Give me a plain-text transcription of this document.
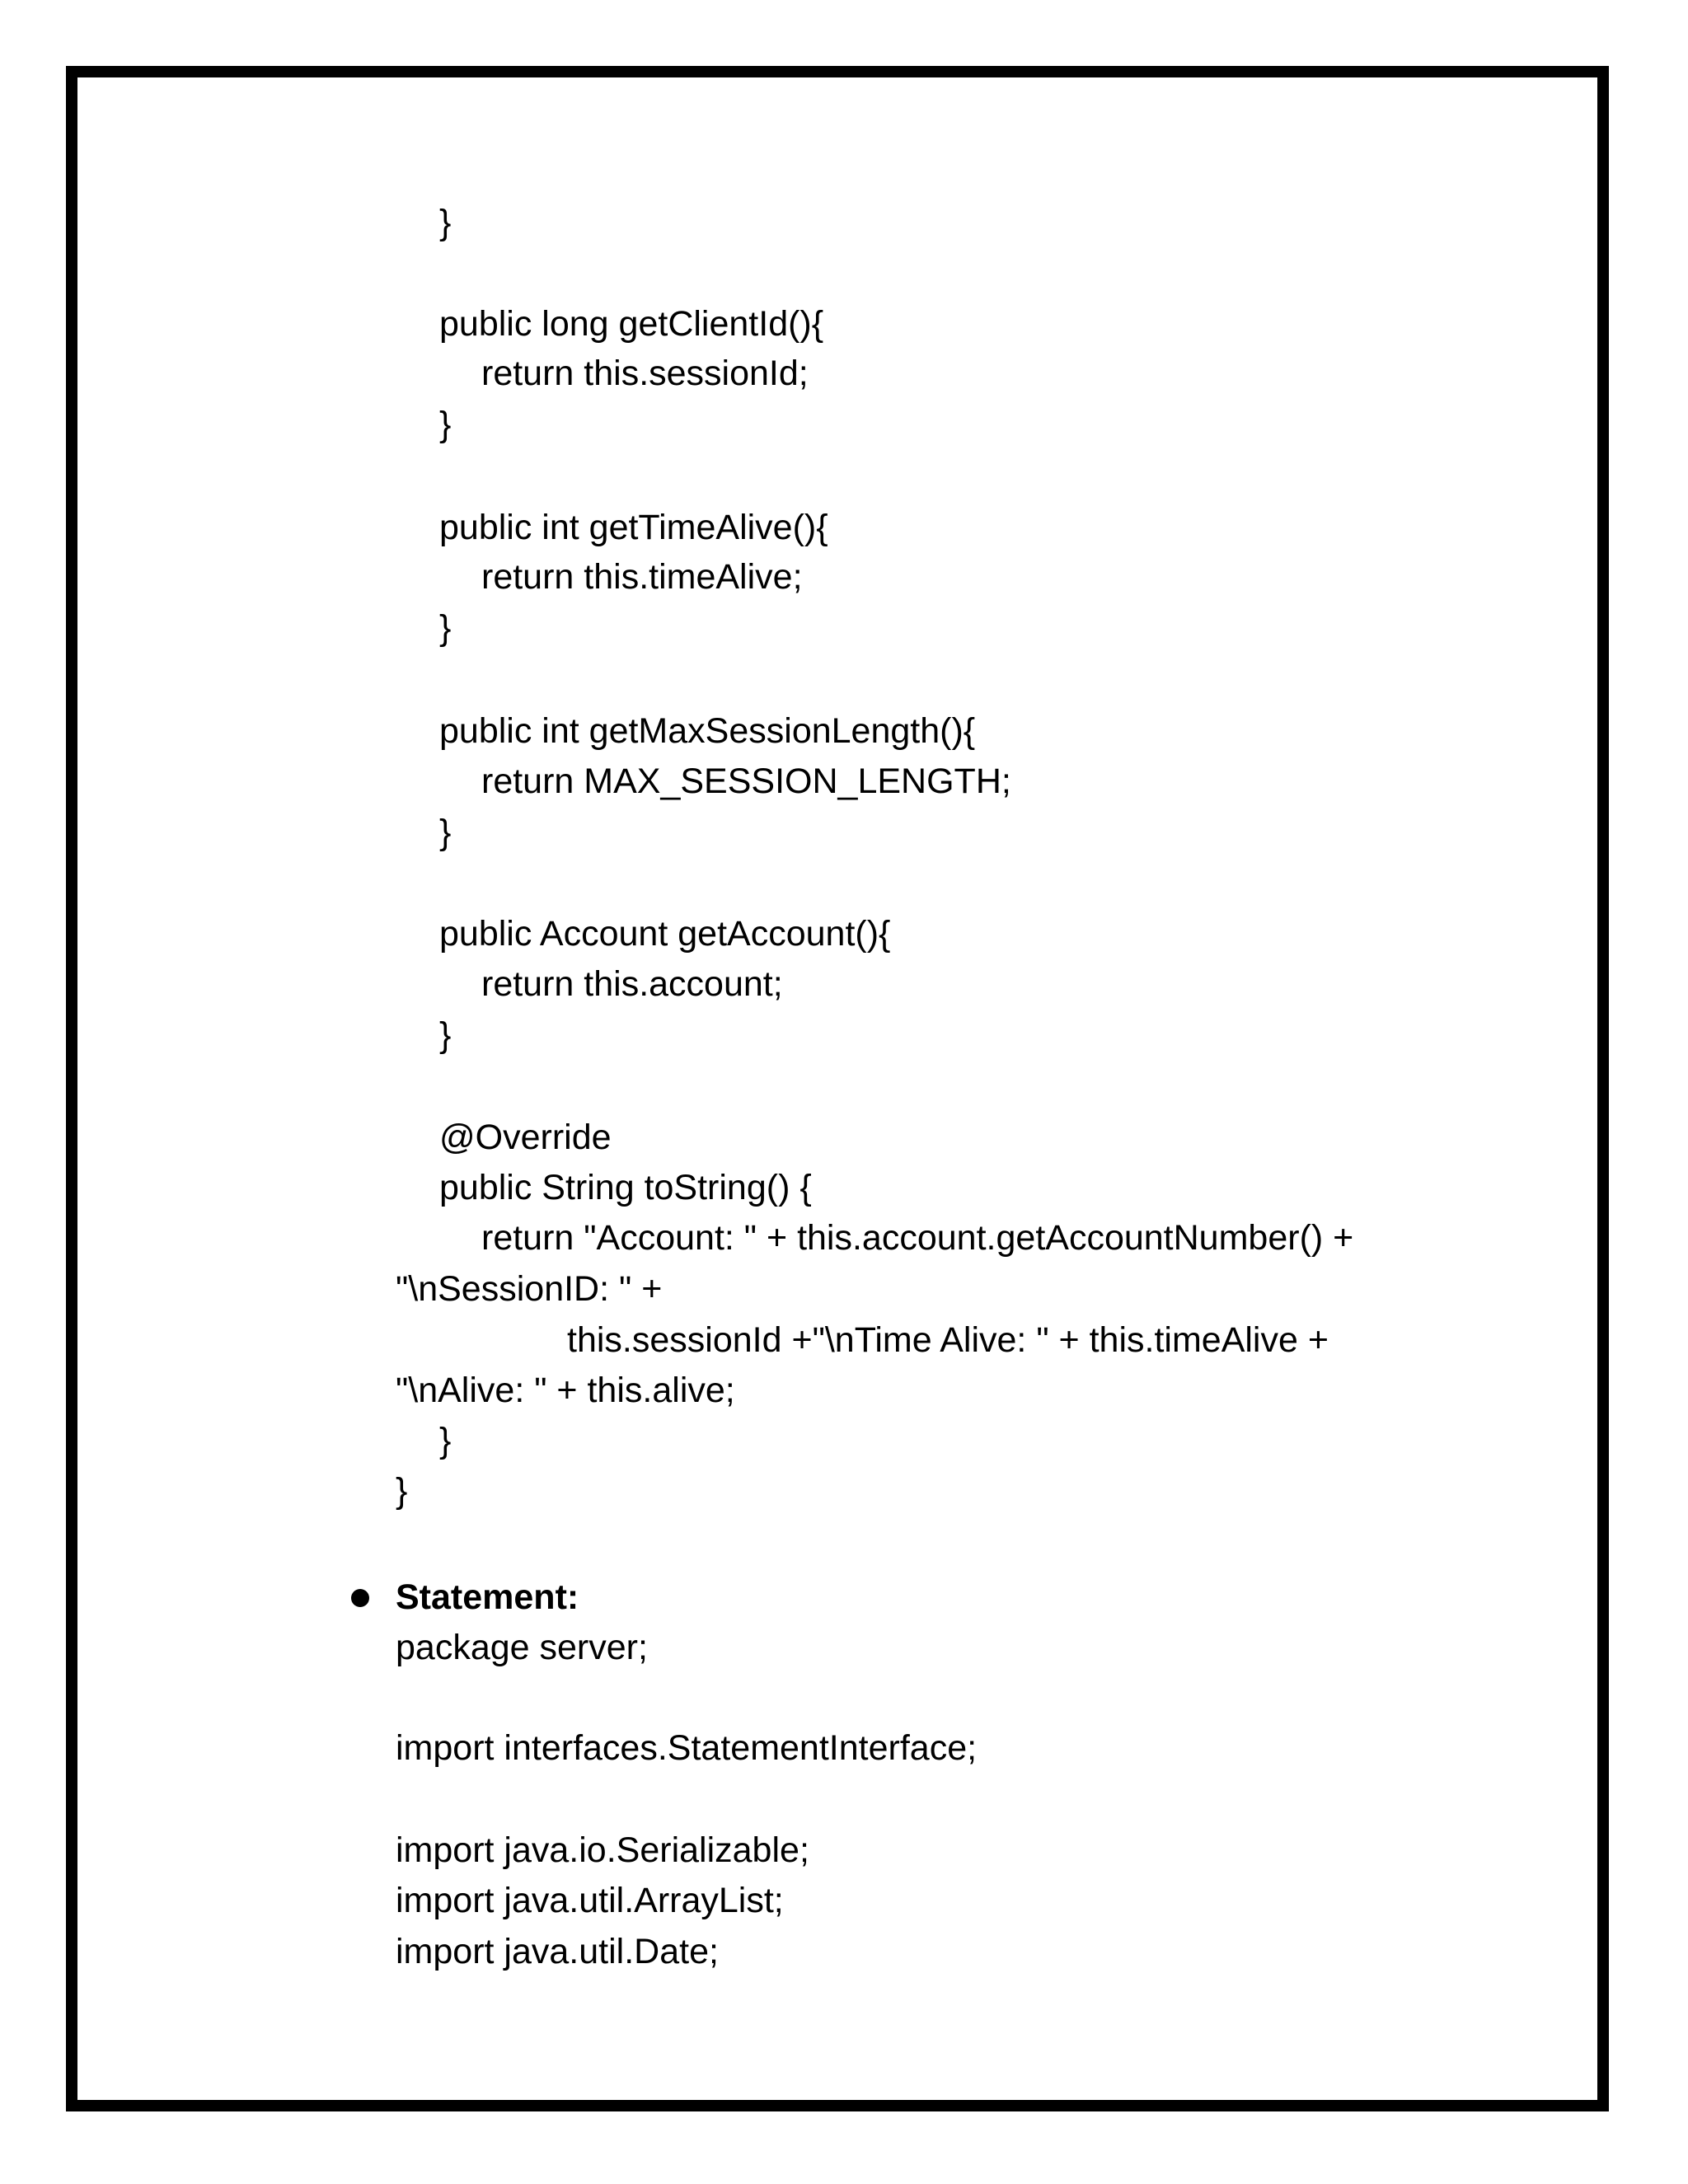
}
public long getClientId(){
return this.sessionId;
}
public int getTimeAlive(){
return this.timeAlive;
}
public int getMaxSessionLength(){
return MAX_SESSION_LENGTH;
}
public Account getAccount(){
return this.account;
}
@Override
public String toString() {
return "Account: " + this.account.getAccountNumber() +
"\nSessionID: " +
this.sessionId +"\nTime Alive: " + this.timeAlive +
"\nAlive: " + this.alive;
}
}
Statement:
package server;
import interfaces.StatementInterface;
import java.io.Serializable;
import java.util.ArrayList;
import java.util.Date;
